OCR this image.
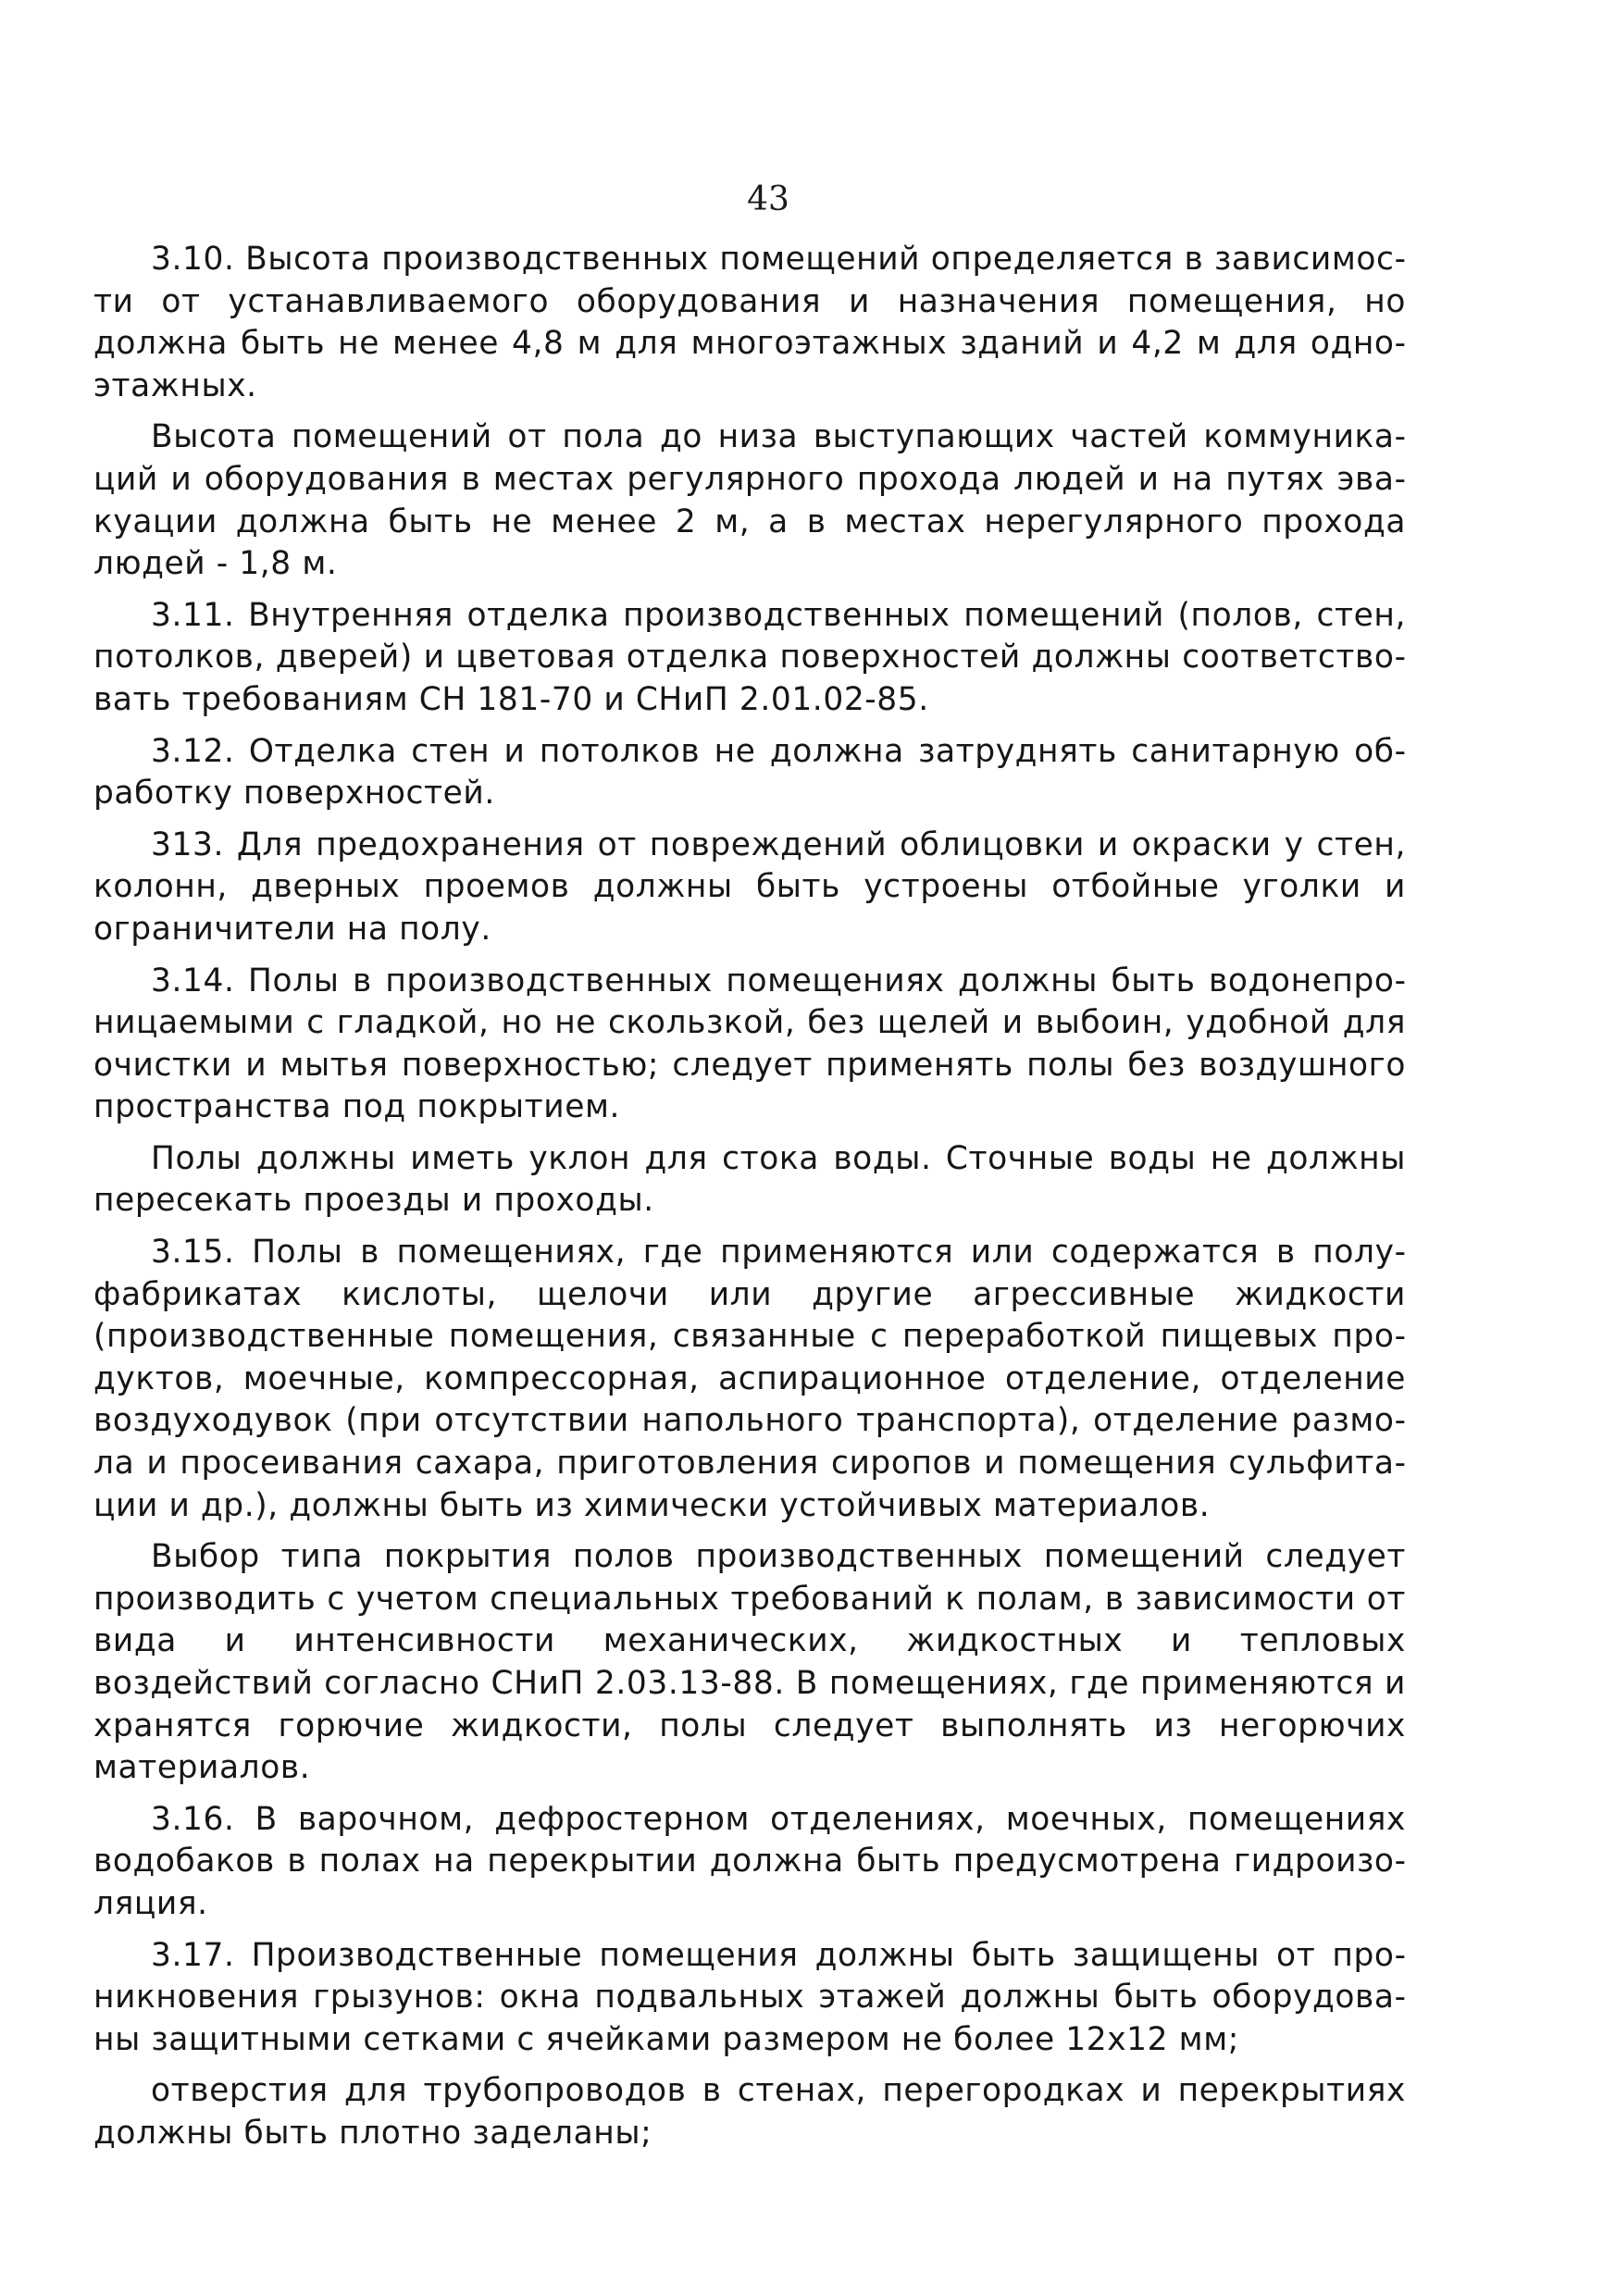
43

3.10. Высота производственных помещений определяется в зависимости от устанавливаемого оборудования и назначения помещения, но должна быть не менее 4,8 м для многоэтажных зданий и 4,2 м для одноэтажных.

Высота помещений от пола до низа выступающих частей коммуникаций и оборудования в местах регулярного прохода людей и на путях эвакуации должна быть не менее 2 м, а в местах нерегулярного прохода людей - 1,8 м.

3.11. Внутренняя отделка производственных помещений (полов, стен, потолков, дверей) и цветовая отделка поверхностей должны соответствовать требованиям СН 181-70 и СНиП 2.01.02-85.

3.12. Отделка стен и потолков не должна затруднять санитарную обработку поверхностей.

313. Для предохранения от повреждений облицовки и окраски у стен, колонн, дверных проемов должны быть устроены отбойные уголки и ограничители на полу.

3.14. Полы в производственных помещениях должны быть водонепроницаемыми с гладкой, но не скользкой, без щелей и выбоин, удобной для очистки и мытья поверхностью; следует применять полы без воздушного пространства под покрытием.

Полы должны иметь уклон для стока воды. Сточные воды не должны пересекать проезды и проходы.

3.15. Полы в помещениях, где применяются или содержатся в полуфабрикатах кислоты, щелочи или другие агрессивные жидкости (производственные помещения, связанные с переработкой пищевых продуктов, моечные, компрессорная, аспирационное отделение, отделение воздуходувок (при отсутствии напольного транспорта), отделение размола и просеивания сахара, приготовления сиропов и помещения сульфитации и др.), должны быть из химически устойчивых материалов.

Выбор типа покрытия полов производственных помещений следует производить с учетом специальных требований к полам, в зависимости от вида и интенсивности механических, жидкостных и тепловых воздействий согласно СНиП 2.03.13-88. В помещениях, где применяются и хранятся горючие жидкости, полы следует выполнять из негорючих материалов.

3.16. В варочном, дефростерном отделениях, моечных, помещениях водобаков в полах на перекрытии должна быть предусмотрена гидроизоляция.

3.17. Производственные помещения должны быть защищены от проникновения грызунов: окна подвальных этажей должны быть оборудованы защитными сетками с ячейками размером не более 12х12 мм;

отверстия для трубопроводов в стенах, перегородках и перекрытиях должны быть плотно заделаны;
